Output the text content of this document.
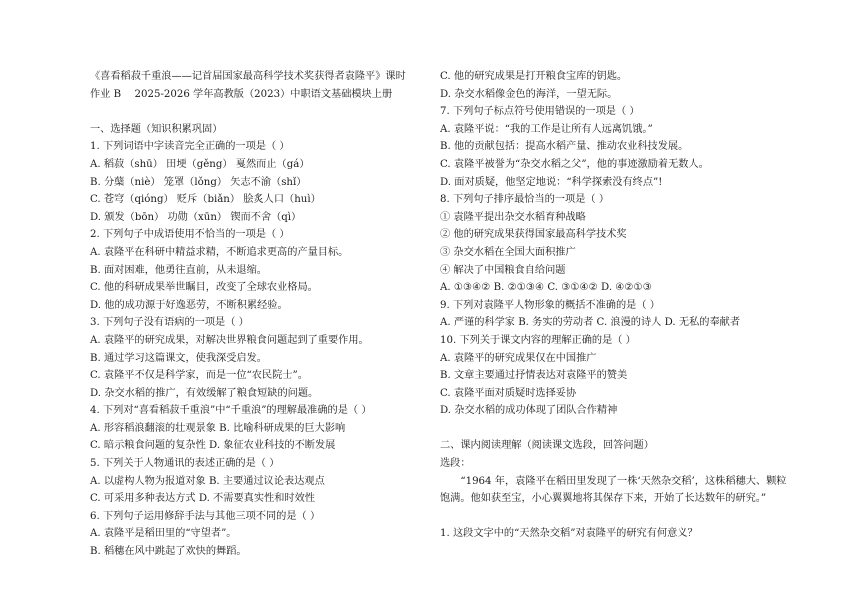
《喜看稻菽千重浪——记首届国家最高科学技术奖获得者袁隆平》课时
作业 B　 2025-2026 学年高教版（2023）中职语文基础模块上册
一、选择题（知识积累巩固）
1. 下列词语中字读音完全正确的一项是（ ）
A. 稻菽（shū） 田埂（gěng） 戛然而止（gá）
B. 分蘖（niè） 笼罩（lǒng） 矢志不渝（shǐ）
C. 苍穹（qióng） 贬斥（biǎn） 脍炙人口（huì）
D. 颁发（bōn） 功勋（xūn） 锲而不舍（qì）
2. 下列句子中成语使用不恰当的一项是（ ）
A. 袁隆平在科研中精益求精，不断追求更高的产量目标。
B. 面对困难，他勇往直前，从未退缩。
C. 他的科研成果举世瞩目，改变了全球农业格局。
D. 他的成功源于好逸恶劳，不断积累经验。
3. 下列句子没有语病的一项是（ ）
A. 袁隆平的研究成果，对解决世界粮食问题起到了重要作用。
B. 通过学习这篇课文，使我深受启发。
C. 袁隆平不仅是科学家，而是一位“农民院士”。
D. 杂交水稻的推广，有效缓解了粮食短缺的问题。
4. 下列对“喜看稻菽千重浪”中“千重浪”的理解最准确的是（ ）
A. 形容稻浪翻滚的壮观景象 B. 比喻科研成果的巨大影响
C. 暗示粮食问题的复杂性 D. 象征农业科技的不断发展
5. 下列关于人物通讯的表述正确的是（ ）
A. 以虚构人物为报道对象 B. 主要通过议论表达观点
C. 可采用多种表达方式 D. 不需要真实性和时效性
6. 下列句子运用修辞手法与其他三项不同的是（ ）
A. 袁隆平是稻田里的“守望者”。
B. 稻穗在风中跳起了欢快的舞蹈。
C. 他的研究成果是打开粮食宝库的钥匙。
D. 杂交水稻像金色的海洋，一望无际。
7. 下列句子标点符号使用错误的一项是（ ）
A. 袁隆平说：“我的工作是让所有人远离饥饿。”
B. 他的贡献包括：提高水稻产量、推动农业科技发展。
C. 袁隆平被誉为“杂交水稻之父”，他的事迹激励着无数人。
D. 面对质疑，他坚定地说：“科学探索没有终点”!
8. 下列句子排序最恰当的一项是（ ）
① 袁隆平提出杂交水稻育种战略
② 他的研究成果获得国家最高科学技术奖
③ 杂交水稻在全国大面积推广
④ 解决了中国粮食自给问题
A. ①③④② B. ②①③④ C. ③①④② D. ④②①③
9. 下列对袁隆平人物形象的概括不准确的是（ ）
A. 严谨的科学家 B. 务实的劳动者 C. 浪漫的诗人 D. 无私的奉献者
10. 下列关于课文内容的理解正确的是（ ）
A. 袁隆平的研究成果仅在中国推广
B. 文章主要通过抒情表达对袁隆平的赞美
C. 袁隆平面对质疑时选择妥协
D. 杂交水稻的成功体现了团队合作精神
二、课内阅读理解（阅读课文选段，回答问题）
选段：
“1964 年，袁隆平在稻田里发现了一株‘天然杂交稻’，这株稻穗大、颗粒饱满。他如获至宝，小心翼翼地将其保存下来，开始了长达数年的研究。”
1. 这段文字中的“天然杂交稻”对袁隆平的研究有何意义？
